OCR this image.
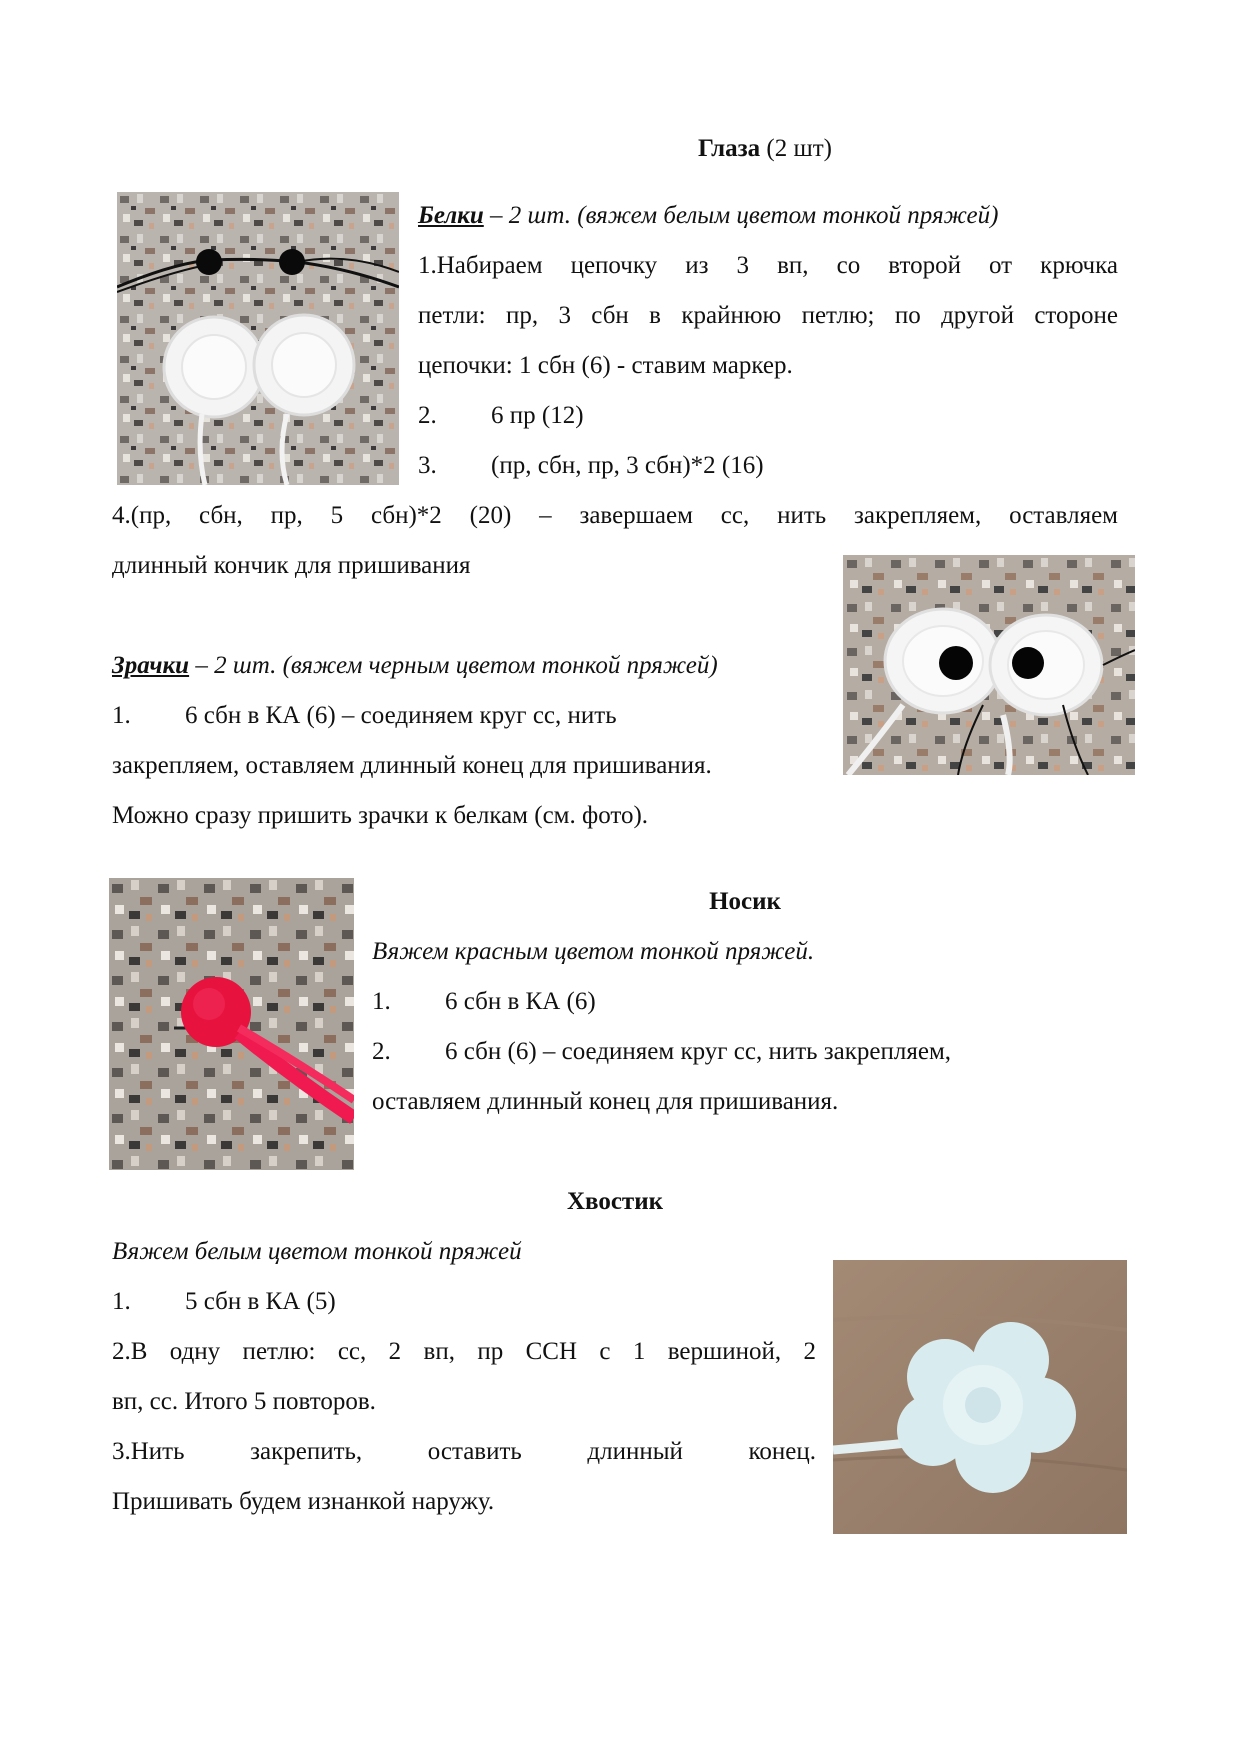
Глаза (2 шт)
Белки – 2 шт. (вяжем белым цветом тонкой пряжей)
1.Набираем цепочку из 3 вп, со второй от крючка
петли: пр, 3 сбн в крайнюю петлю; по другой стороне
цепочки: 1 сбн (6) - ставим маркер.
2. 6 пр (12)
3. (пр, сбн, пр, 3 сбн)*2 (16)
4.(пр, сбн, пр, 5 сбн)*2 (20) – завершаем сс, нить закрепляем, оставляем
длинный кончик для пришивания
Зрачки – 2 шт. (вяжем черным цветом тонкой пряжей)
1. 6 сбн в КА (6) – соединяем круг сс, нить
закрепляем, оставляем длинный конец для пришивания.
Можно сразу пришить зрачки к белкам (см. фото).
Носик
Вяжем красным цветом тонкой пряжей.
1. 6 сбн в КА (6)
2. 6 сбн (6) – соединяем круг сс, нить закрепляем,
оставляем длинный конец для пришивания.
Хвостик
Вяжем белым цветом тонкой пряжей
1. 5 сбн в КА (5)
2.В одну петлю: сс, 2 вп, пр ССН с 1 вершиной, 2
вп, сс. Итого 5 повторов.
3.Нить закрепить, оставить длинный конец.
Пришивать будем изнанкой наружу.
